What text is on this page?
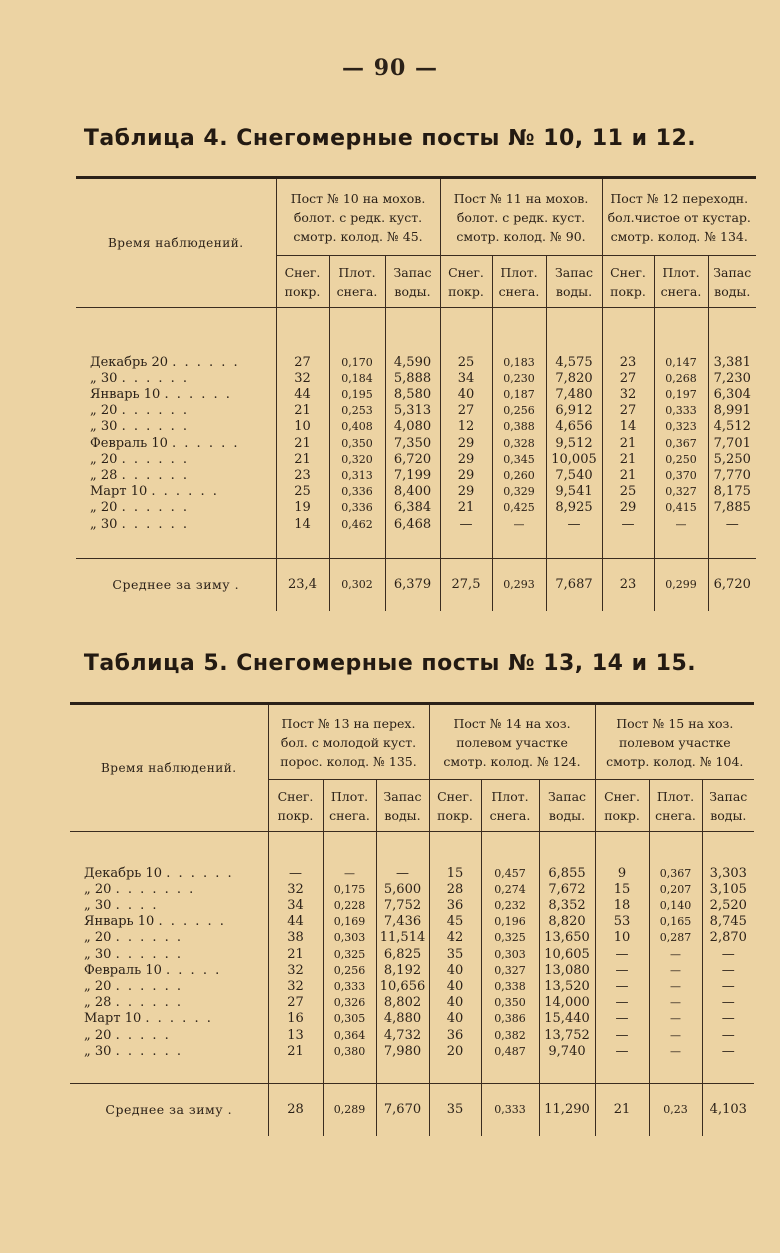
— 90 —
Таблица 4. Снегомерные посты № 10, 11 и 12.
Время наблюдений.	Пост № 10 на мохов.
болот. с редк. куст.
смотр. колод. № 45.			Пост № 11 на мохов.
болот. с редк. куст.
смотр. колод. № 90.			Пост № 12 переходн.
бол.чистое от кустар.
смотр. колод. № 134.		

	Снег.
покр.	Плот.
снега.	Запас
воды.	Снег.
покр.	Плот.
снега.	Запас
воды.	Снег.
покр.	Плот.
снега.	Запас
воды.

Декабрь 20 . . . . . .	27	0,170	4,590	25	0,183	4,575	23	0,147	3,381
„ 30 . . . . . .	32	0,184	5,888	34	0,230	7,820	27	0,268	7,230
Январь 10 . . . . . .	44	0,195	8,580	40	0,187	7,480	32	0,197	6,304
„ 20 . . . . . .	21	0,253	5,313	27	0,256	6,912	27	0,333	8,991
„ 30 . . . . . .	10	0,408	4,080	12	0,388	4,656	14	0,323	4,512
Февраль 10 . . . . . .	21	0,350	7,350	29	0,328	9,512	21	0,367	7,701
„ 20 . . . . . .	21	0,320	6,720	29	0,345	10,005	21	0,250	5,250
„ 28 . . . . . .	23	0,313	7,199	29	0,260	7,540	21	0,370	7,770
Март 10 . . . . . .	25	0,336	8,400	29	0,329	9,541	25	0,327	8,175
„ 20 . . . . . .	19	0,336	6,384	21	0,425	8,925	29	0,415	7,885
„ 30 . . . . . .	14	0,462	6,468	—	—	—	—	—	—

Среднее за зиму .	23,4	0,302	6,379	27,5	0,293	7,687	23	0,299	6,720
Таблица 5. Снегомерные посты № 13, 14 и 15.
Время наблюдений.	Пост № 13 на перех.
бол. с молодой куст.
порос. колод. № 135.			Пост № 14 на хоз.
полевом участке
смотр. колод. № 124.			Пост № 15 на хоз.
полевом участке
смотр. колод. № 104.		

	Снег.
покр.	Плот.
снега.	Запас
воды.	Снег.
покр.	Плот.
снега.	Запас
воды.	Снег.
покр.	Плот.
снега.	Запас
воды.

Декабрь 10 . . . . . .	—	—	—	15	0,457	6,855	9	0,367	3,303
„ 20 . . . . . . .	32	0,175	5,600	28	0,274	7,672	15	0,207	3,105
„ 30 . . . .	34	0,228	7,752	36	0,232	8,352	18	0,140	2,520
Январь 10 . . . . . .	44	0,169	7,436	45	0,196	8,820	53	0,165	8,745
„ 20 . . . . . .	38	0,303	11,514	42	0,325	13,650	10	0,287	2,870
„ 30 . . . . . .	21	0,325	6,825	35	0,303	10,605	—	—	—
Февраль 10 . . . . .	32	0,256	8,192	40	0,327	13,080	—	—	—
„ 20 . . . . . .	32	0,333	10,656	40	0,338	13,520	—	—	—
„ 28 . . . . . .	27	0,326	8,802	40	0,350	14,000	—	—	—
Март 10 . . . . . .	16	0,305	4,880	40	0,386	15,440	—	—	—
„ 20 . . . . .	13	0,364	4,732	36	0,382	13,752	—	—	—
„ 30 . . . . . .	21	0,380	7,980	20	0,487	9,740	—	—	—

Среднее за зиму .	28	0,289	7,670	35	0,333	11,290	21	0,23	4,103
